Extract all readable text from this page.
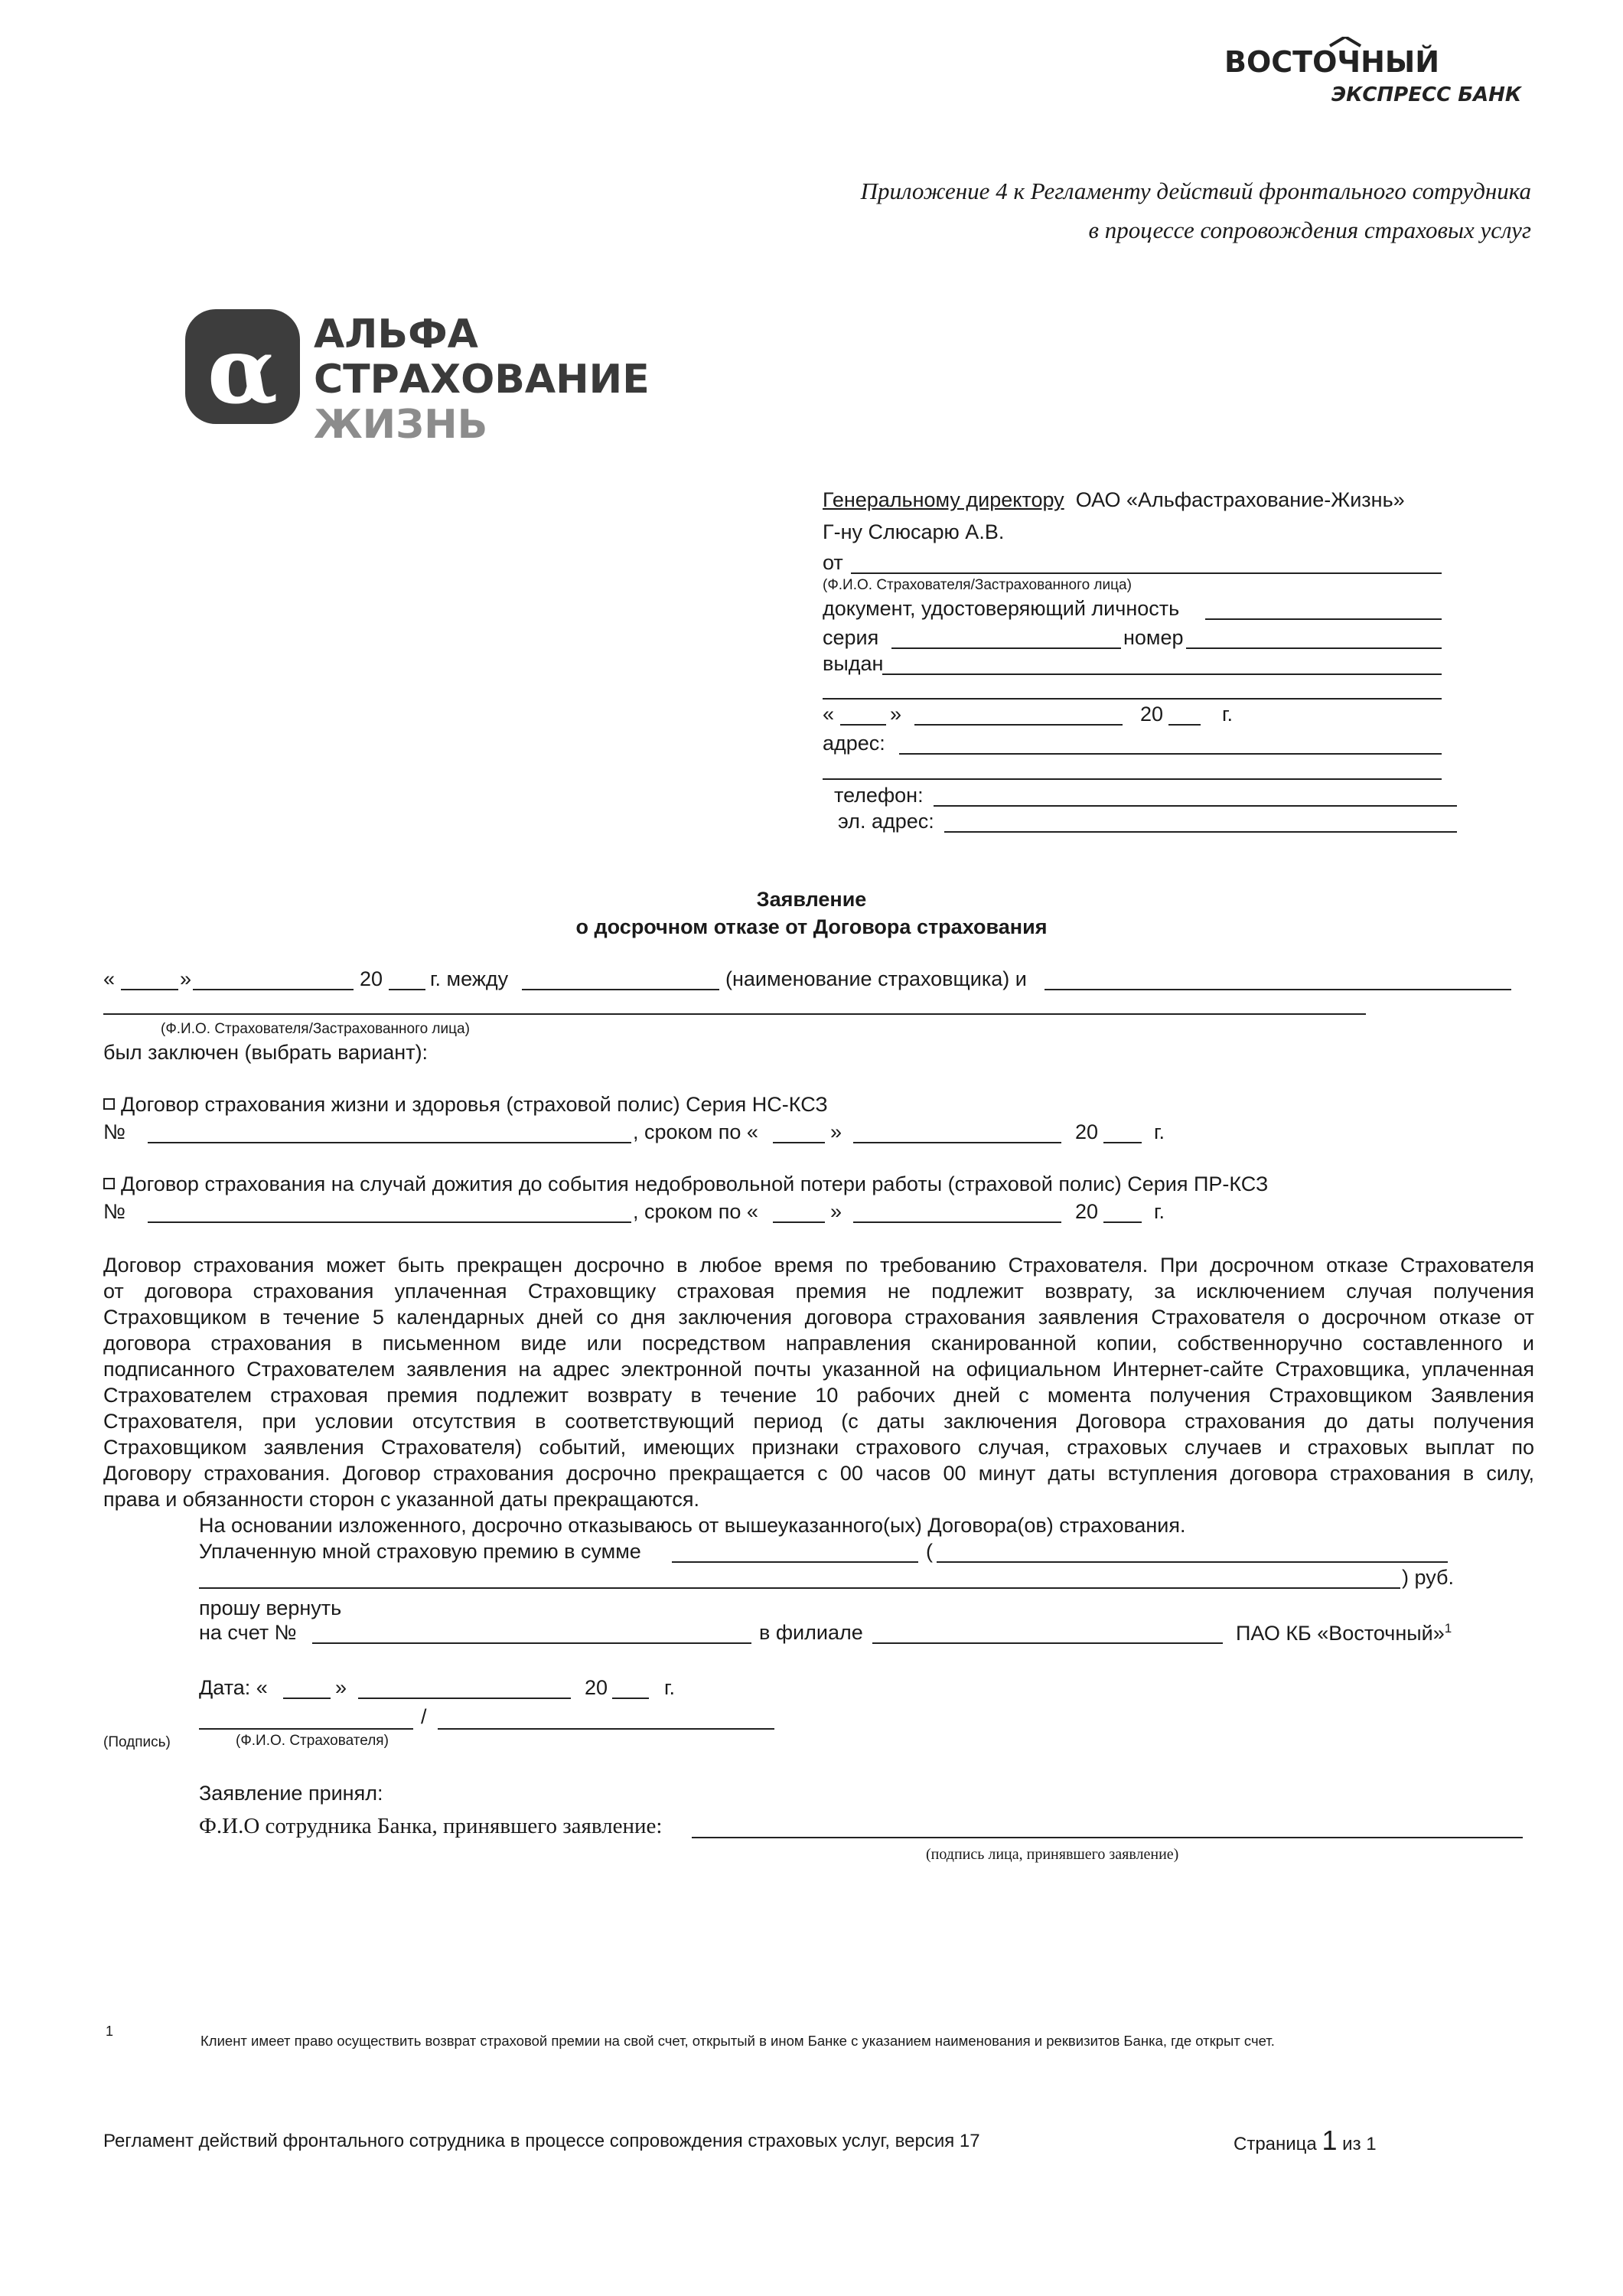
ВОСТОЧНЫЙ
ЭКСПРЕСС БАНК
Приложение 4 к Регламенту действий фронтального сотрудника
в процессе сопровождения страховых услуг
α АЛЬФА
СТРАХОВАНИЕ
ЖИЗНЬ
Генеральному директору ОАО «Альфастрахование-Жизнь»
Г-ну Слюсарю А.В.
от
(Ф.И.О. Страхователя/Застрахованного лица)
документ, удостоверяющий личность
серия	номер
выдан
«	»	20	г.
адрес:
телефон:
эл. адрес:
Заявление
о досрочном отказе от Договора страхования
«	»	20 г. между	(наименование страховщика) и
(Ф.И.О. Страхователя/Застрахованного лица)
был заключен (выбрать вариант):
Договор страхования жизни и здоровья (страховой полис) Серия НС-КСЗ
№	, сроком по «	»	20	г.
Договор страхования на случай дожития до события недобровольной потери работы (страховой полис) Серия ПР-КСЗ
№	, сроком по «	»	20	г.
Договор страхования может быть прекращен досрочно в любое время по требованию Страхователя. При досрочном отказе Страхователя
от договора страхования уплаченная Страховщику страховая премия не подлежит возврату, за исключением случая получения
Страховщиком в течение 5 календарных дней со дня заключения договора страхования заявления Страхователя о досрочном отказе от
договора страхования в письменном виде или посредством направления сканированной копии, собственноручно составленного и
подписанного Страхователем заявления на адрес электронной почты указанной на официальном Интернет-сайте Страховщика, уплаченная
Страхователем страховая премия подлежит возврату в течение 10 рабочих дней с момента получения Страховщиком Заявления
Страхователя, при условии отсутствия в соответствующий период (с даты заключения Договора страхования до даты получения
Страховщиком заявления Страхователя) событий, имеющих признаки страхового случая, страховых случаев и страховых выплат по
Договору страхования. Договор страхования досрочно прекращается с 00 часов 00 минут даты вступления договора страхования в силу,
права и обязанности сторон с указанной даты прекращаются.
На основании изложенного, досрочно отказываюсь от вышеуказанного(ых) Договора(ов) страхования.
Уплаченную мной страховую премию в сумме	(
) руб.
прошу вернуть
на счет №	в филиале	ПАО КБ «Восточный»$^1$
Дата: «	»	20	г.
/
(Подпись)	(Ф.И.О. Страхователя)
Заявление принял:
Ф.И.О сотрудника Банка, принявшего заявление:
(подпись лица, принявшего заявление)
1
Клиент имеет право осуществить возврат страховой премии на свой счет, открытый в ином Банке с указанием наименования и реквизитов Банка, где открыт счет.
Регламент действий фронтального сотрудника в процессе сопровождения страховых услуг, версия 17	Страница 1 из 1
